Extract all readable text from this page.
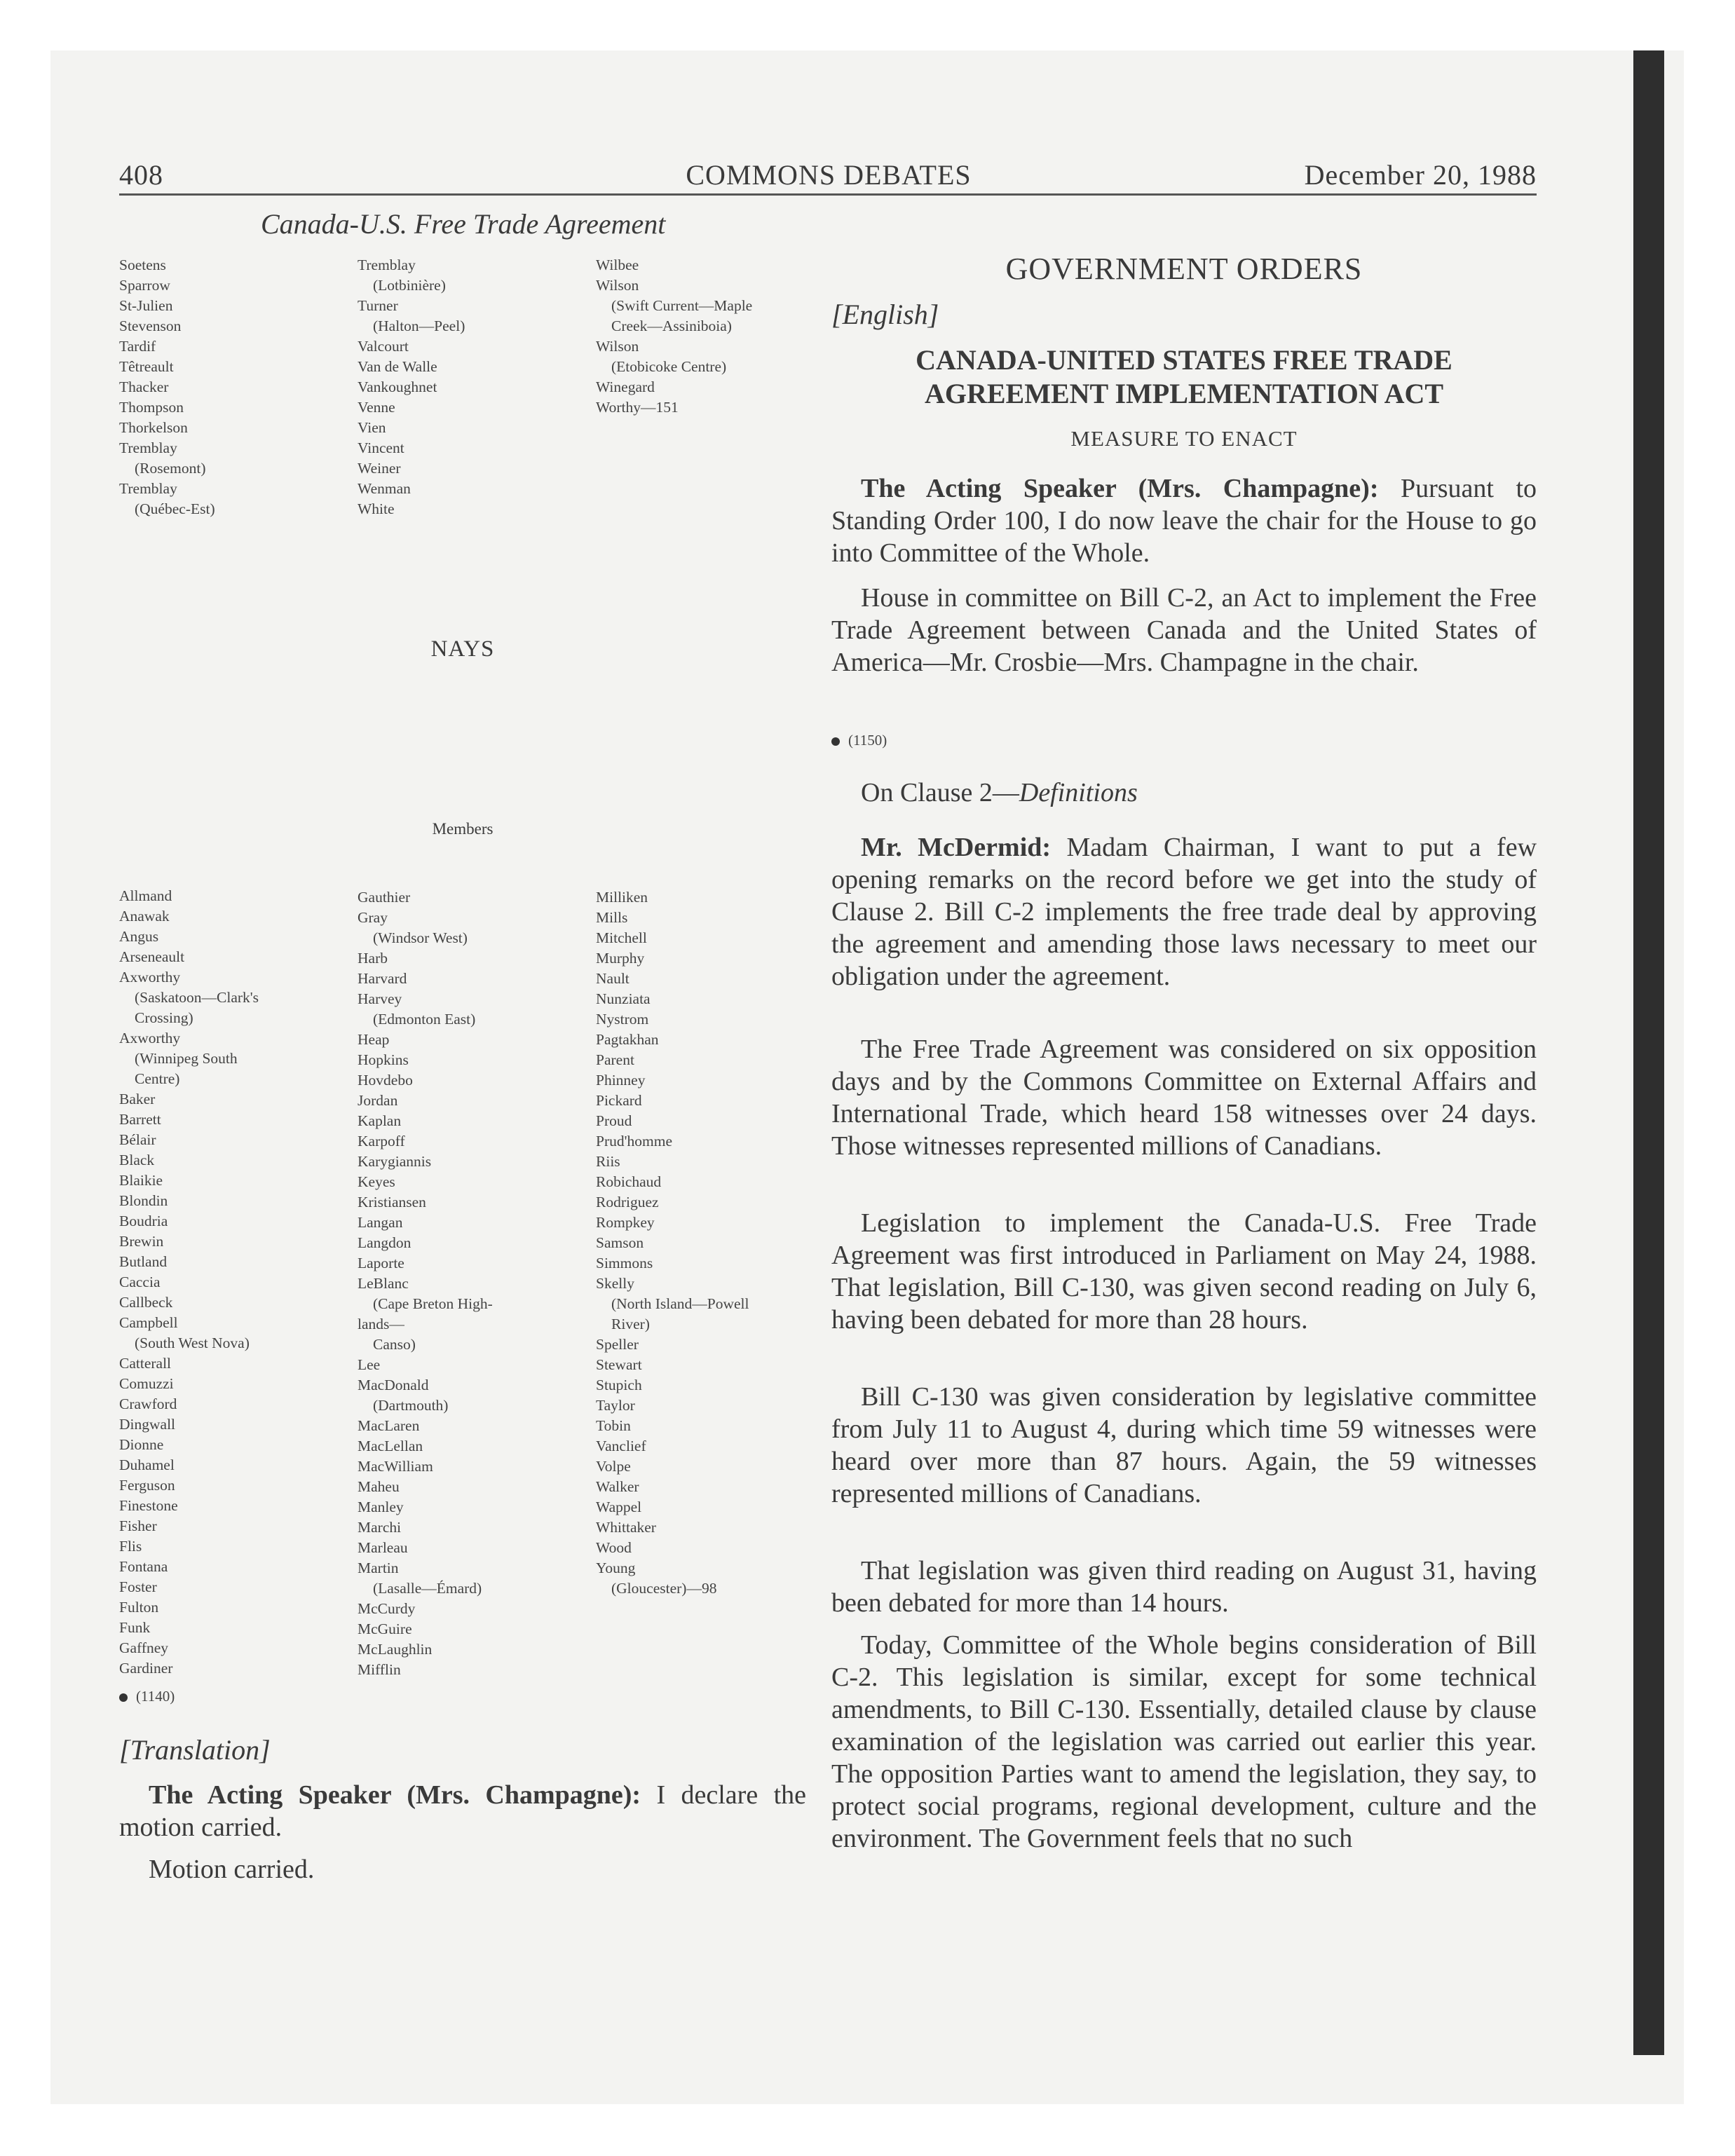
408	COMMONS DEBATES	December 20, 1988
Canada-U.S. Free Trade Agreement
Soetens
Sparrow
St-Julien
Stevenson
Tardif
Têtreault
Thacker
Thompson
Thorkelson
Tremblay
(Rosemont)
Tremblay
(Québec-Est)
Tremblay
(Lotbinière)
Turner
(Halton—Peel)
Valcourt
Van de Walle
Vankoughnet
Venne
Vien
Vincent
Weiner
Wenman
White
Wilbee
Wilson
(Swift Current—Maple
Creek—Assiniboia)
Wilson
(Etobicoke Centre)
Winegard
Worthy—151
NAYS
Members
Allmand
Anawak
Angus
Arseneault
Axworthy
(Saskatoon—Clark's
Crossing)
Axworthy
(Winnipeg South
Centre)
Baker
Barrett
Bélair
Black
Blaikie
Blondin
Boudria
Brewin
Butland
Caccia
Callbeck
Campbell
(South West Nova)
Catterall
Comuzzi
Crawford
Dingwall
Dionne
Duhamel
Ferguson
Finestone
Fisher
Flis
Fontana
Foster
Fulton
Funk
Gaffney
Gardiner
Gauthier
Gray
(Windsor West)
Harb
Harvard
Harvey
(Edmonton East)
Heap
Hopkins
Hovdebo
Jordan
Kaplan
Karpoff
Karygiannis
Keyes
Kristiansen
Langan
Langdon
Laporte
LeBlanc
(Cape Breton High-
lands—
Canso)
Lee
MacDonald
(Dartmouth)
MacLaren
MacLellan
MacWilliam
Maheu
Manley
Marchi
Marleau
Martin
(Lasalle—Émard)
McCurdy
McGuire
McLaughlin
Mifflin
Milliken
Mills
Mitchell
Murphy
Nault
Nunziata
Nystrom
Pagtakhan
Parent
Phinney
Pickard
Proud
Prud'homme
Riis
Robichaud
Rodriguez
Rompkey
Samson
Simmons
Skelly
(North Island—Powell
River)
Speller
Stewart
Stupich
Taylor
Tobin
Vanclief
Volpe
Walker
Wappel
Whittaker
Wood
Young
(Gloucester)—98
(1140)
[Translation]
The Acting Speaker (Mrs. Champagne): I declare the motion carried.
Motion carried.
GOVERNMENT ORDERS
[English]
CANADA-UNITED STATES FREE TRADE
AGREEMENT IMPLEMENTATION ACT
MEASURE TO ENACT
The Acting Speaker (Mrs. Champagne): Pursuant to Standing Order 100, I do now leave the chair for the House to go into Committee of the Whole.
House in committee on Bill C-2, an Act to implement the Free Trade Agreement between Canada and the United States of America—Mr. Crosbie—Mrs. Champagne in the chair.
(1150)
On Clause 2—Definitions
Mr. McDermid: Madam Chairman, I want to put a few opening remarks on the record before we get into the study of Clause 2. Bill C-2 implements the free trade deal by approving the agreement and amending those laws necessary to meet our obligation under the agreement.
The Free Trade Agreement was considered on six opposition days and by the Commons Committee on External Affairs and International Trade, which heard 158 witnesses over 24 days. Those witnesses represented millions of Canadians.
Legislation to implement the Canada-U.S. Free Trade Agreement was first introduced in Parliament on May 24, 1988. That legislation, Bill C-130, was given second reading on July 6, having been debated for more than 28 hours.
Bill C-130 was given consideration by legislative committee from July 11 to August 4, during which time 59 witnesses were heard over more than 87 hours. Again, the 59 witnesses represented millions of Canadians.
That legislation was given third reading on August 31, having been debated for more than 14 hours.
Today, Committee of the Whole begins consideration of Bill C-2. This legislation is similar, except for some technical amendments, to Bill C-130. Essentially, detailed clause by clause examination of the legislation was carried out earlier this year. The opposition Parties want to amend the legislation, they say, to protect social programs, regional development, culture and the environment. The Government feels that no such
